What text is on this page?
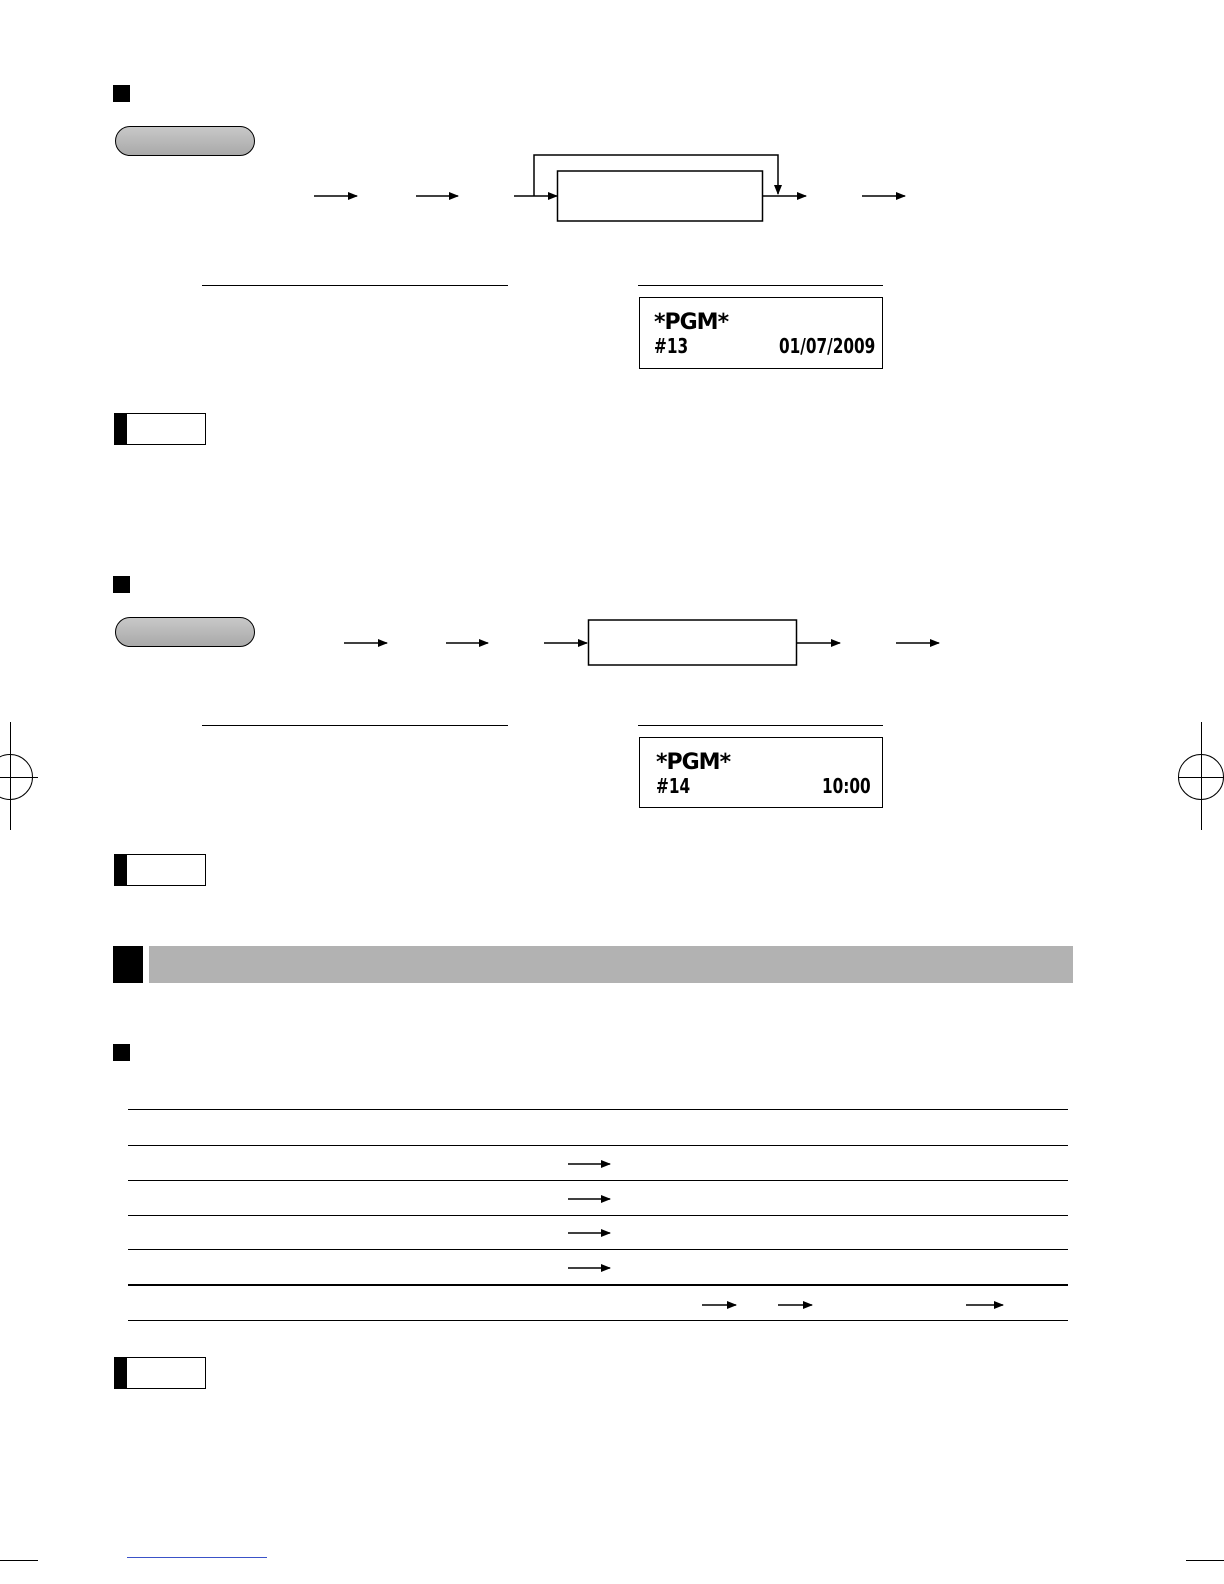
*PGM*
#13	01/07/2009
*PGM*
#14	10:00
